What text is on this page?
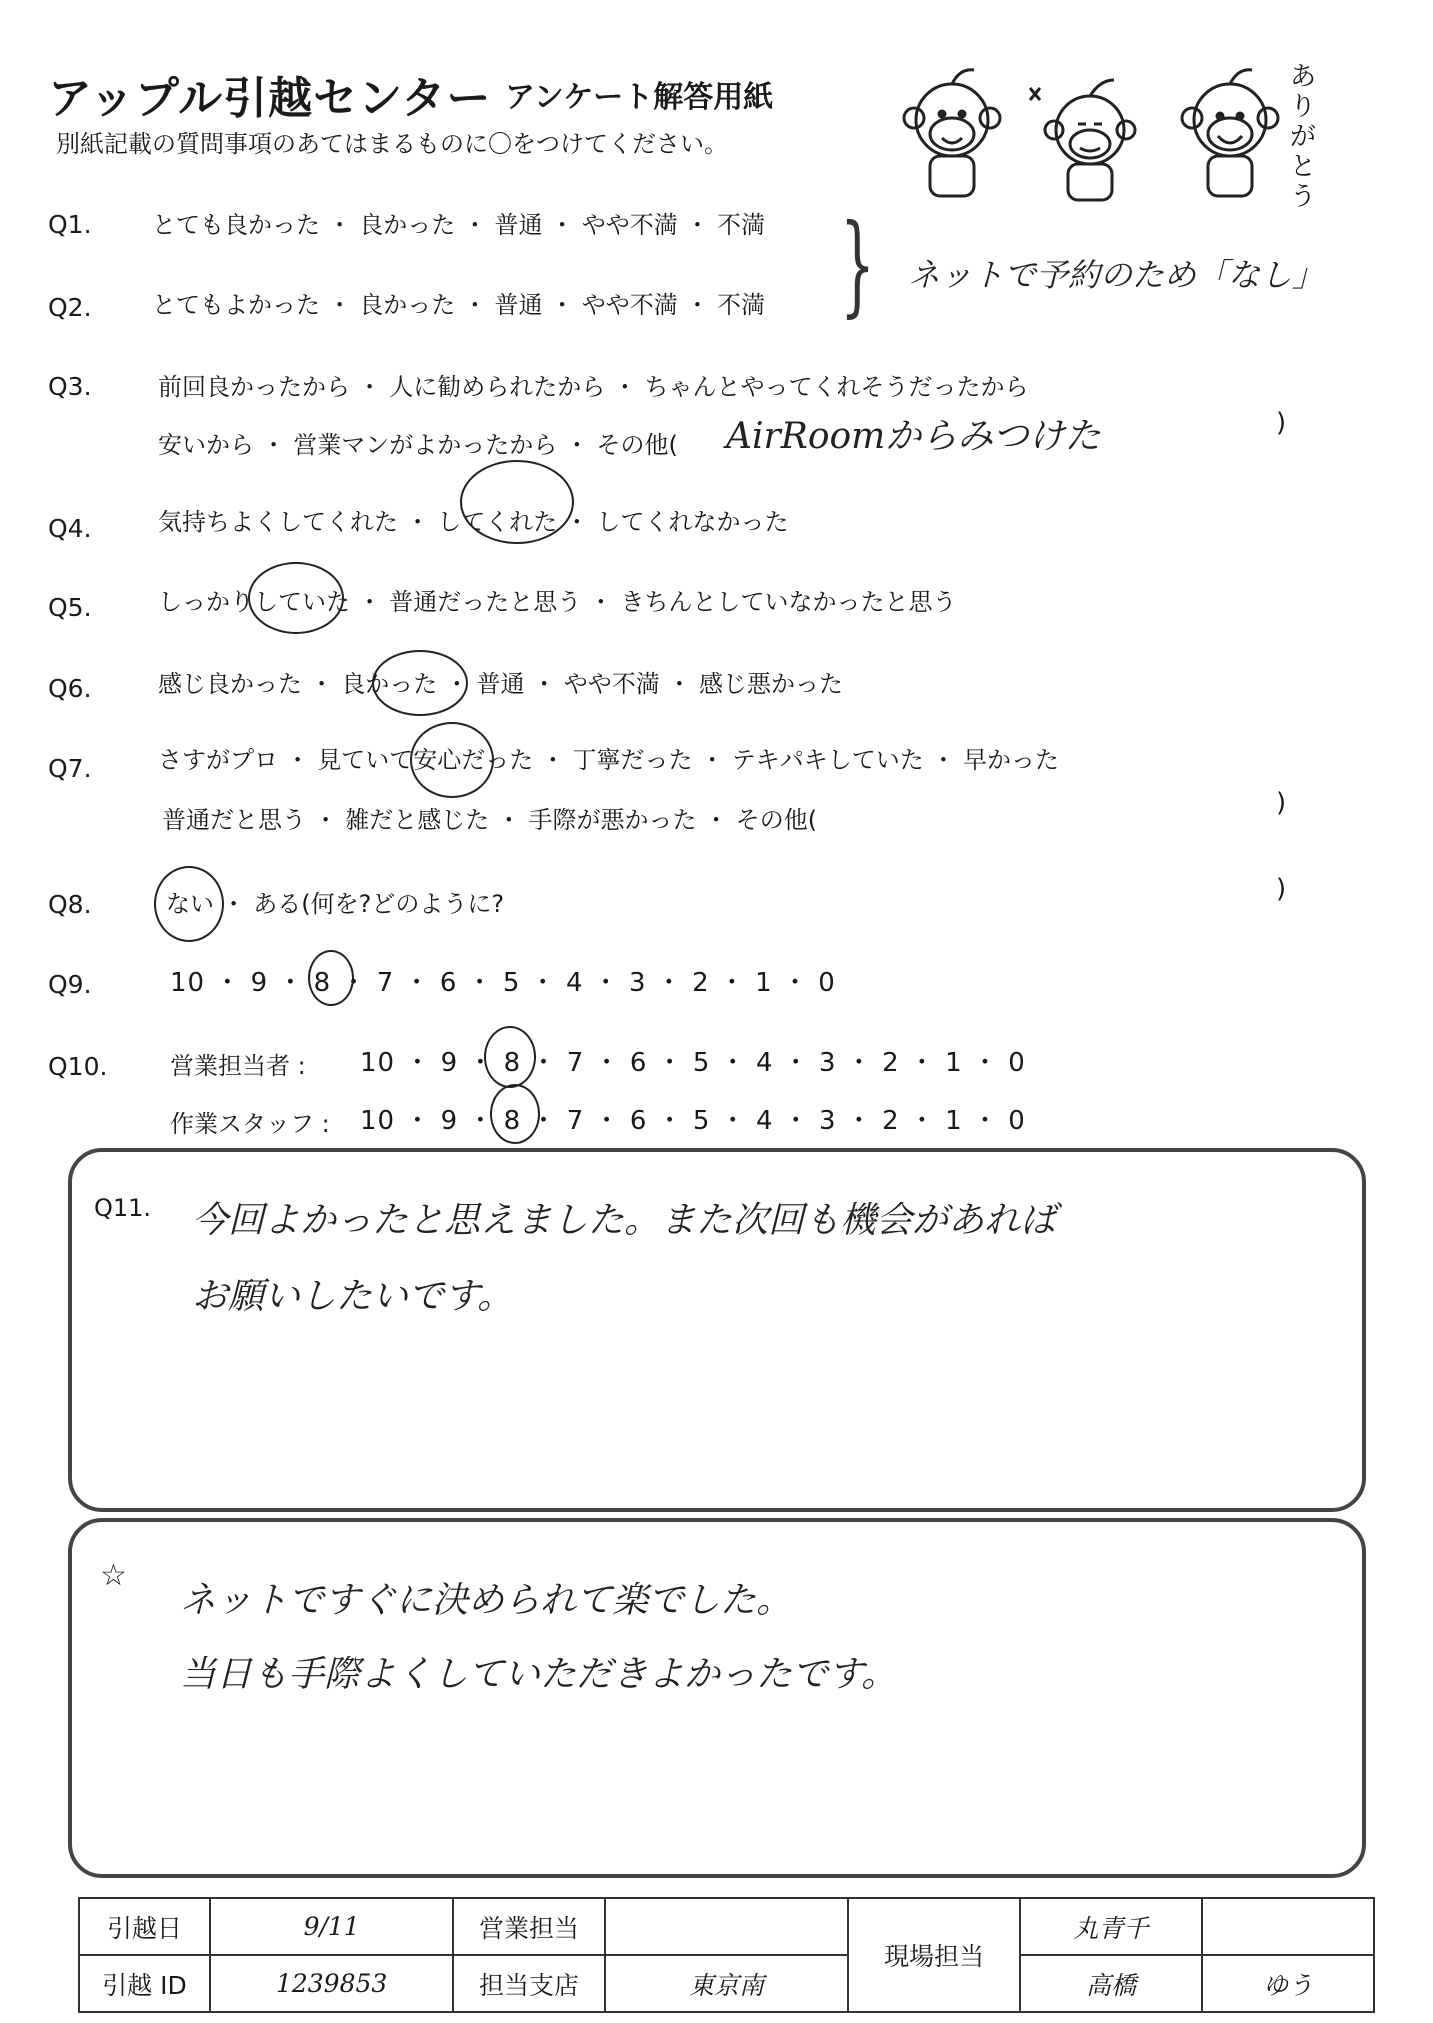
アップル引越センター アンケート解答用紙
別紙記載の質問事項のあてはまるものに〇をつけてください。
ありがとう
Q1.	とても良かった ・ 良かった ・ 普通 ・ やや不満 ・ 不満
Q2.	とてもよかった ・ 良かった ・ 普通 ・ やや不満 ・ 不満 } ネットで予約のため「なし」
Q3.	前回良かったから ・ 人に勧められたから ・ ちゃんとやってくれそうだったから
安いから ・ 営業マンがよかったから ・ その他( AirRoomからみつけた	)
Q4.	気持ちよくしてくれた ・ してくれた ・ してくれなかった
Q5.	しっかりしていた ・ 普通だったと思う ・ きちんとしていなかったと思う
Q6.	感じ良かった ・ 良かった ・ 普通 ・ やや不満 ・ 感じ悪かった
Q7.	さすがプロ ・ 見ていて安心だった ・ 丁寧だった ・ テキパキしていた ・ 早かった
普通だと思う ・ 雑だと感じた ・ 手際が悪かった ・ その他(
)
Q8.	ない ・ ある(何を?どのように?	)
Q9.	10 ・ 9 ・ 8 ・ 7 ・ 6 ・ 5 ・ 4 ・ 3 ・ 2 ・ 1 ・ 0
Q10.	営業担当者 : 10 ・ 9 ・ 8 ・ 7 ・ 6 ・ 5 ・ 4 ・ 3 ・ 2 ・ 1 ・ 0
作業スタッフ : 10 ・ 9 ・ 8 ・ 7 ・ 6 ・ 5 ・ 4 ・ 3 ・ 2 ・ 1 ・ 0
Q11. 今回よかったと思えました。また次回も機会があれば
お願いしたいです。
☆
ネットですぐに決められて楽でした。
当日も手際よくしていただきよかったです。
引越日	9/11	営業担当		現場担当	丸青千	
引越 ID	1239853	担当支店	東京南		高橋	ゆう
